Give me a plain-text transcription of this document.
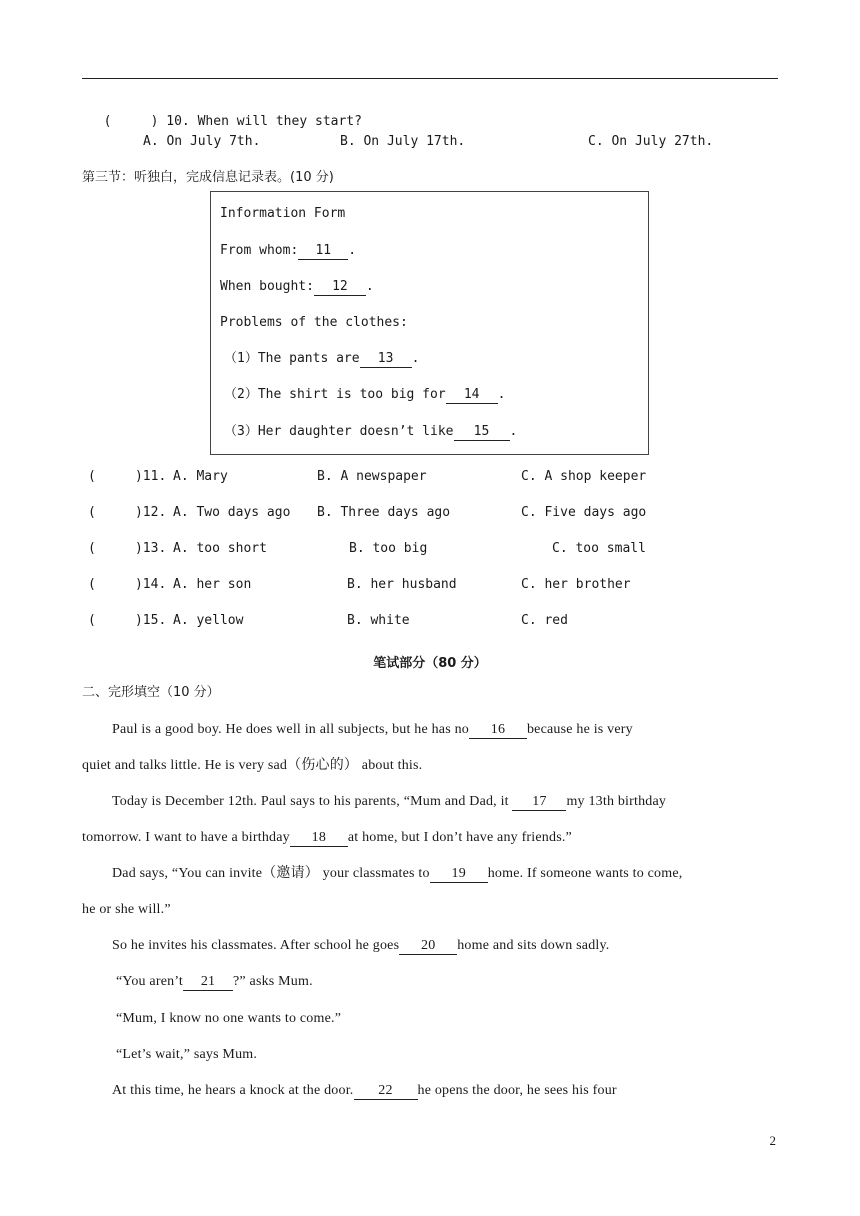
(     ) 10. When will they start?

A. On July 7th.	B. On July 17th.	C. On July 27th.
第三节：听独白，完成信息记录表。(10 分)
Information Form
From whom: 11 .
When bought: 12 .
Problems of the clothes:
（1）The pants are 13 .
（2）The shirt is too big for 14 .
（3）Her daughter doesn’t like 15 .
(     )11. A. Mary	B. A newspaper	C. A shop keeper
(     )12. A. Two days ago B. Three days ago	C. Five days ago
(     )13. A. too short	B. too big	C. too small
(     )14. A. her son	B. her husband	C. her brother
(     )15. A. yellow	B. white	C. red
笔试部分（80 分）
二、完形填空（10 分）
Paul is a good boy. He does well in all subjects, but he has no 16 because he is very
quiet and talks little. He is very sad（伤心的） about this.
Today is December 12th. Paul says to his parents, “Mum and Dad, it 17 my 13th birthday
tomorrow. I want to have a birthday 18 at home, but I don’t have any friends.”
Dad says, “You can invite（邀请） your classmates to 19 home. If someone wants to come,
he or she will.”
So he invites his classmates. After school he goes 20 home and sits down sadly.
“You aren’t 21 ?” asks Mum.
“Mum, I know no one wants to come.”
“Let’s wait,” says Mum.
At this time, he hears a knock at the door. 22 he opens the door, he sees his four
2
